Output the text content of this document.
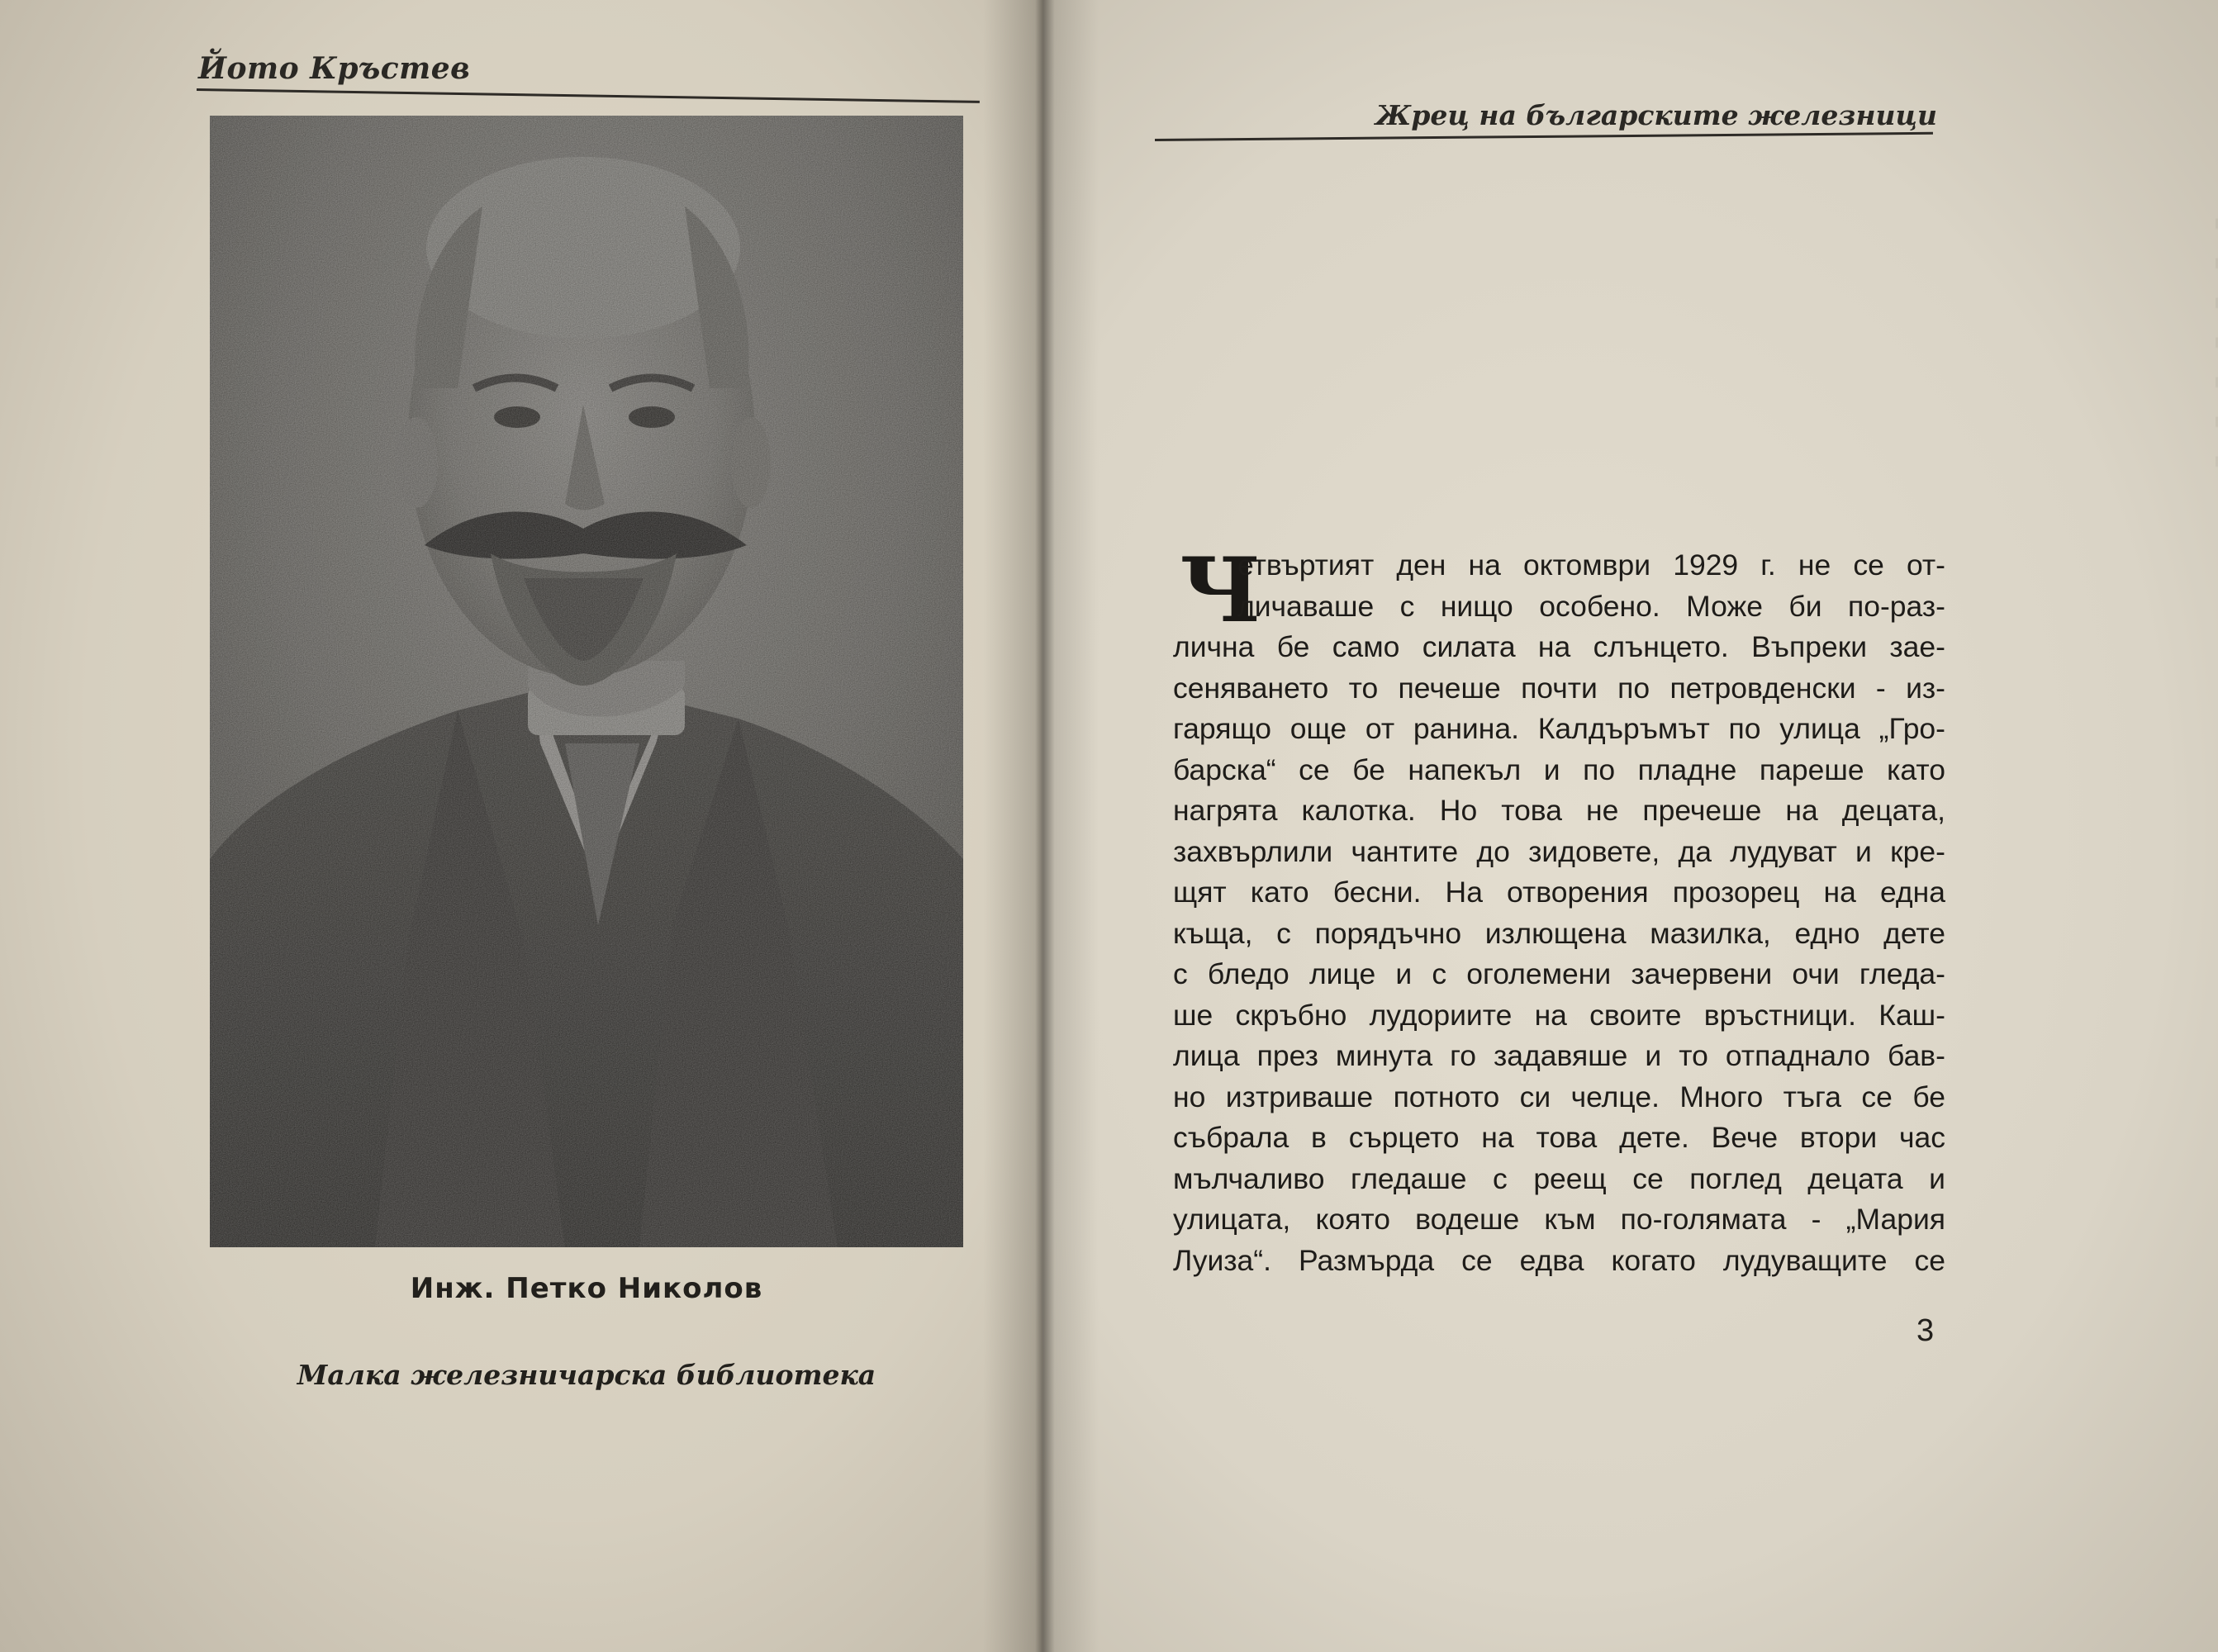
Йото Кръстев
Инж. Петко Николов
Малка железничарска библиотека
Жрец на българските железници
Ч
етвъртият ден на октомври 1929 г. не се от-
личаваше с нищо особено. Може би по-раз-
лична бе само силата на слънцето. Въпреки зае-
сеняването то печеше почти по петровденски - из-
гарящо още от ранина. Калдъръмът по улица „Гро-
барска“ се бе напекъл и по пладне пареше като
нагрята калотка. Но това не пречеше на децата,
захвърлили чантите до зидовете, да лудуват и кре-
щят като бесни. На отворения прозорец на една
къща, с порядъчно излющена мазилка, едно дете
с бледо лице и с оголемени зачервени очи гледа-
ше скръбно лудориите на своите връстници. Каш-
лица през минута го задавяше и то отпаднало бав-
но изтриваше потното си челце. Много тъга се бе
събрала в сърцето на това дете. Вече втори час
мълчаливо гледаше с реещ се поглед децата и
улицата, която водеше към по-голямата - „Мария
Луиза“. Размърда се едва когато лудуващите се
3
